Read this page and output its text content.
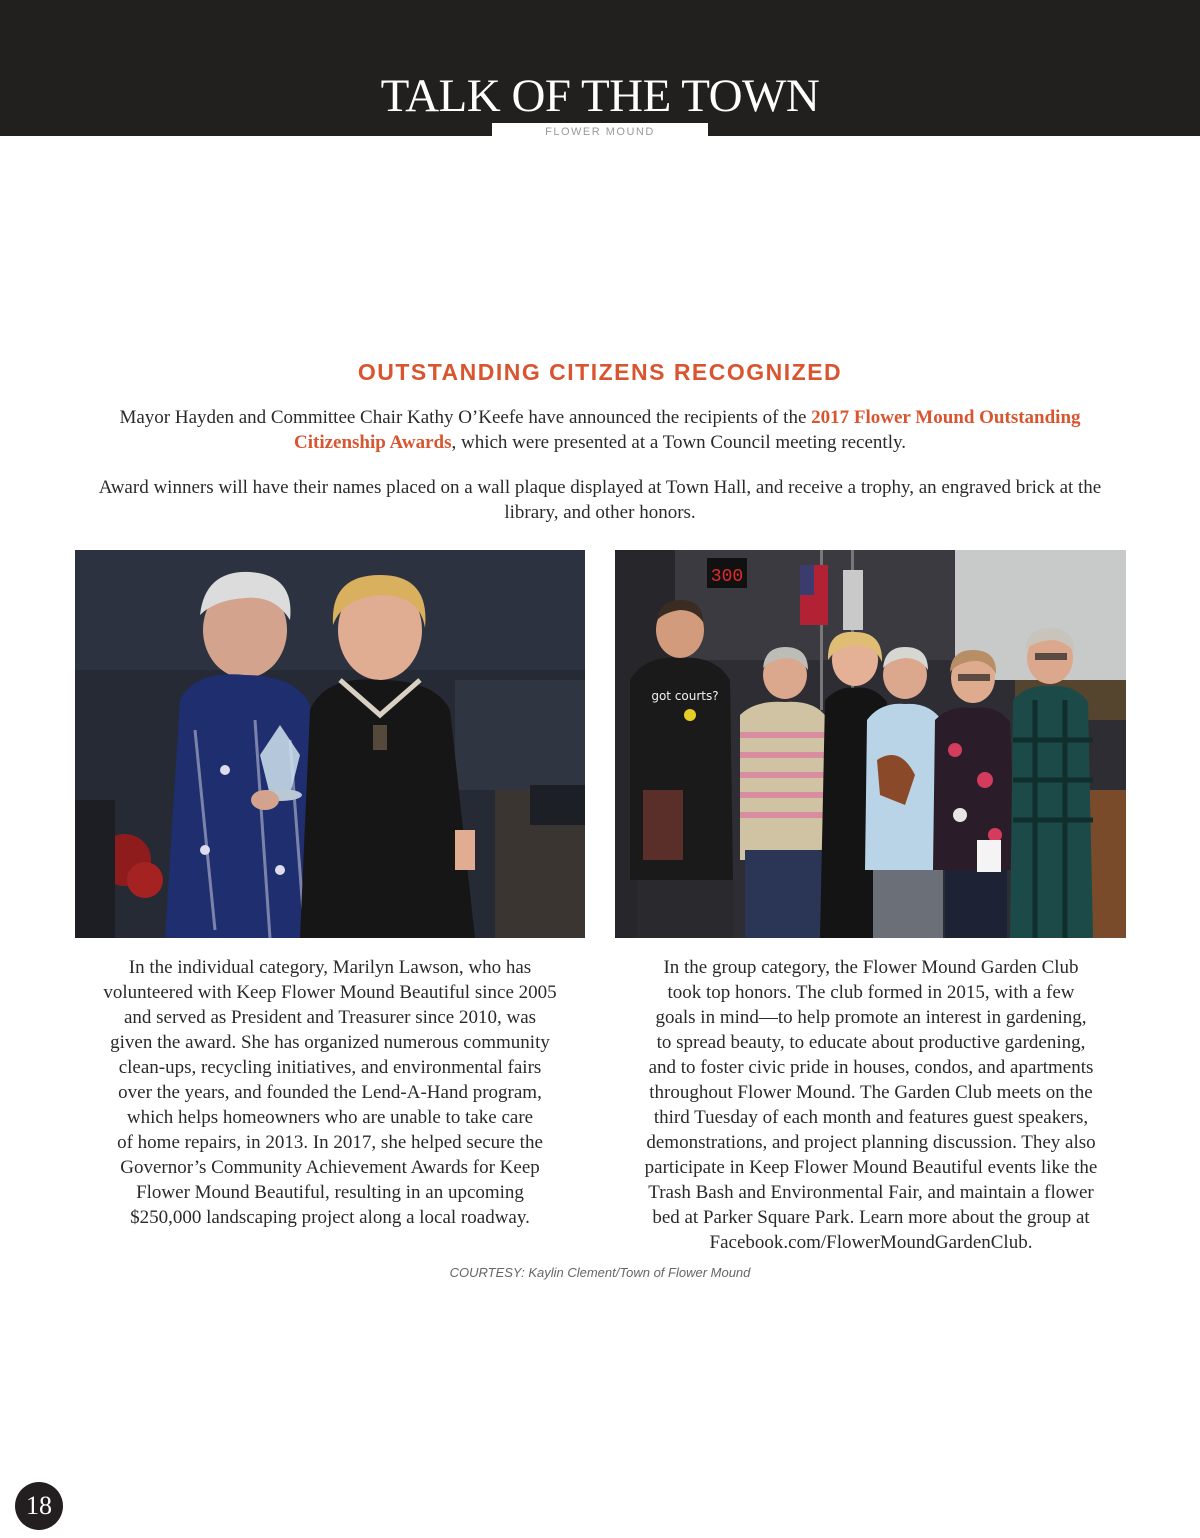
TALK OF THE TOWN
FLOWER MOUND
OUTSTANDING CITIZENS RECOGNIZED

Mayor Hayden and Committee Chair Kathy O’Keefe have announced the recipients of the 2017 Flower Mound Outstanding Citizenship Awards, which were presented at a Town Council meeting recently.

Award winners will have their names placed on a wall plaque displayed at Town Hall, and receive a trophy, an engraved brick at the library, and other honors.

300
got courts?
In the individual category, Marilyn Lawson, who has
volunteered with Keep Flower Mound Beautiful since 2005
and served as President and Treasurer since 2010, was
given the award. She has organized numerous community
clean-ups, recycling initiatives, and environmental fairs
over the years, and founded the Lend-A-Hand program,
which helps homeowners who are unable to take care
of home repairs, in 2013. In 2017, she helped secure the
Governor’s Community Achievement Awards for Keep
Flower Mound Beautiful, resulting in an upcoming
$250,000 landscaping project along a local roadway.
In the group category, the Flower Mound Garden Club
took top honors. The club formed in 2015, with a few
goals in mind—to help promote an interest in gardening,
to spread beauty, to educate about productive gardening,
and to foster civic pride in houses, condos, and apartments
throughout Flower Mound. The Garden Club meets on the
third Tuesday of each month and features guest speakers,
demonstrations, and project planning discussion. They also
participate in Keep Flower Mound Beautiful events like the
Trash Bash and Environmental Fair, and maintain a flower
bed at Parker Square Park. Learn more about the group at
Facebook.com/FlowerMoundGardenClub.
COURTESY: Kaylin Clement/Town of Flower Mound
18
